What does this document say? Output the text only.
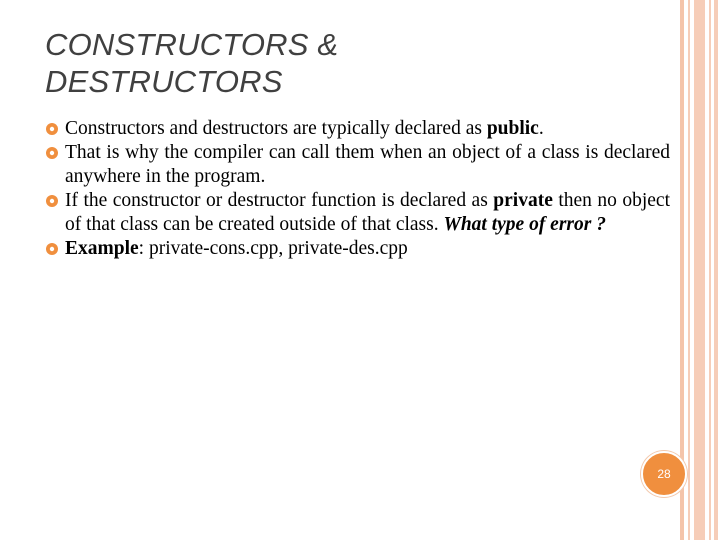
CONSTRUCTORS &
DESTRUCTORS
Constructors and destructors are typically declared as public.
That is why the compiler can call them when an object of a class is declared anywhere in the program.
If the constructor or destructor function is declared as private then no object of that class can be created outside of that class. What type of error ?
Example: private-cons.cpp, private-des.cpp
28
